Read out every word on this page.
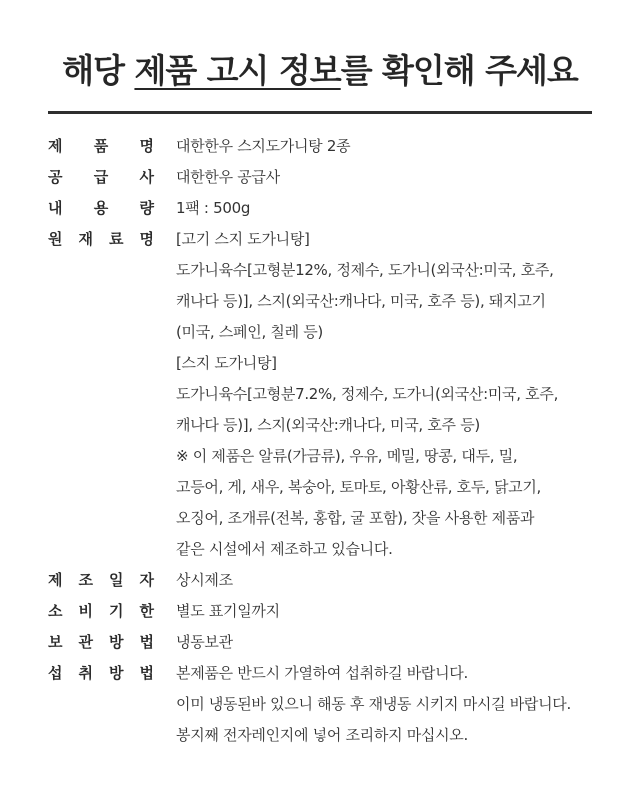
해당 제품 고시 정보를 확인해 주세요
제 품 명 대한한우 스지도가니탕 2종
공 급 사 대한한우 공급사
내 용 량 1팩 : 500g
원 재 료 명 [고기 스지 도가니탕]
도가니육수[고형분12%, 정제수, 도가니(외국산:미국, 호주,
캐나다 등)], 스지(외국산:캐나다, 미국, 호주 등), 돼지고기
(미국, 스페인, 칠레 등)
[스지 도가니탕]
도가니육수[고형분7.2%, 정제수, 도가니(외국산:미국, 호주,
캐나다 등)], 스지(외국산:캐나다, 미국, 호주 등)
※ 이 제품은 알류(가금류), 우유, 메밀, 땅콩, 대두, 밀,
고등어, 게, 새우, 복숭아, 토마토, 아황산류, 호두, 닭고기,
오징어, 조개류(전복, 홍합, 굴 포함), 잣을 사용한 제품과
같은 시설에서 제조하고 있습니다.
제 조 일 자 상시제조
소 비 기 한 별도 표기일까지
보 관 방 법 냉동보관
섭 취 방 법 본제품은 반드시 가열하여 섭취하길 바랍니다.
이미 냉동된바 있으니 해동 후 재냉동 시키지 마시길 바랍니다.
봉지째 전자레인지에 넣어 조리하지 마십시오.
